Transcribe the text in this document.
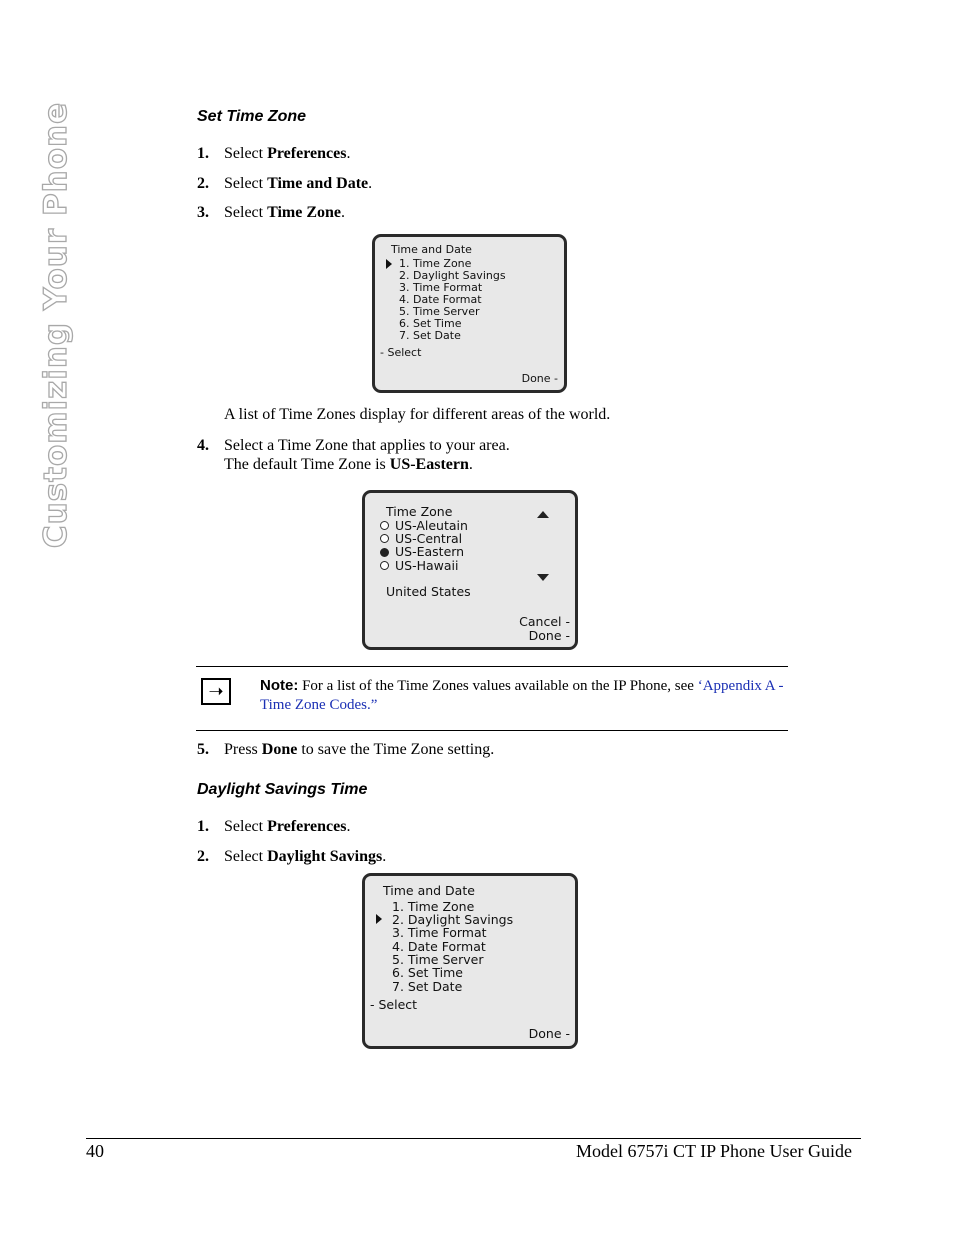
Customizing Your Phone	Set Time Zone
1. Select Preferences.
2. Select Time and Date.
3. Select Time Zone.
Time and Date
1. Time Zone
2. Daylight Savings
3. Time Format
4. Date Format
5. Time Server
6. Set Time
7. Set Date
- Select
Done -
A list of Time Zones display for different areas of the world.
4. Select a Time Zone that applies to your area.
The default Time Zone is US-Eastern.
Time Zone
US-Aleutain
US-Central
US-Eastern
US-Hawaii
United States
Cancel -
Done -
➝	Note: For a list of the Time Zones values available on the IP Phone, see ‘Appendix A - Time Zone Codes.”
5. Press Done to save the Time Zone setting.
Daylight Savings Time
1. Select Preferences.
2. Select Daylight Savings.
Time and Date
1. Time Zone
2. Daylight Savings
3. Time Format
4. Date Format
5. Time Server
6. Set Time
7. Set Date
- Select
Done -
40	Model 6757i CT IP Phone User Guide
